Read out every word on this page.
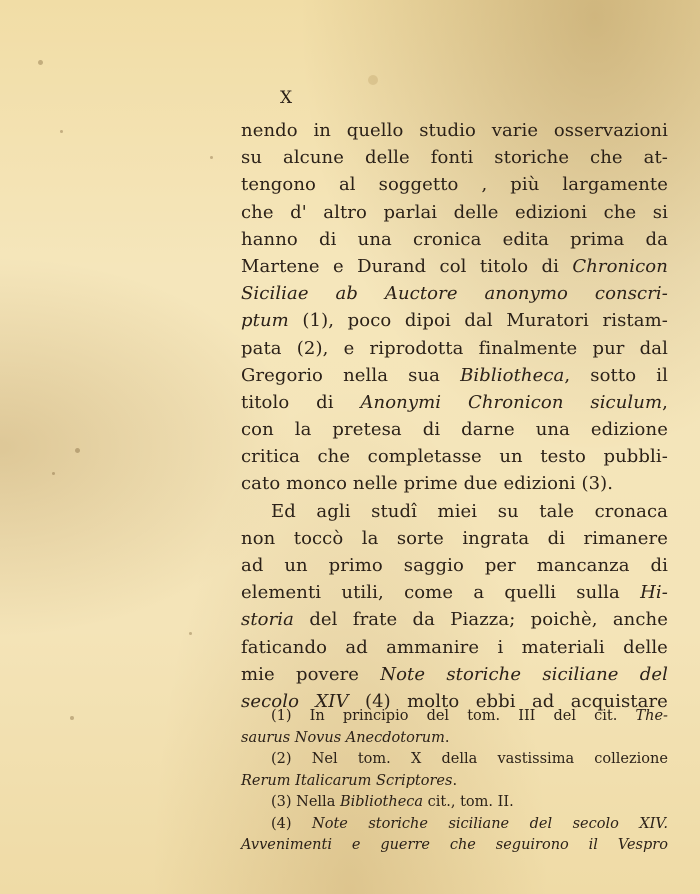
X
nendo in quello studio varie osservazioni
su alcune delle fonti storiche che at-
tengono al soggetto , più largamente
che d' altro parlai delle edizioni che si
hanno di una cronica edita prima da
Martene e Durand col titolo di Chronicon
Siciliae ab Auctore anonymo conscri-
ptum (1), poco dipoi dal Muratori ristam-
pata (2), e riprodotta finalmente pur dal
Gregorio nella sua Bibliotheca, sotto il
titolo di Anonymi Chronicon siculum,
con la pretesa di darne una edizione
critica che completasse un testo pubbli-
cato
monco
nelle
prime
due
edizioni
(3).
Ed agli studî miei su tale cronaca
non toccò la sorte ingrata di rimanere
ad un primo saggio per mancanza di
elementi utili, come a quelli sulla Hi-
storia del frate da Piazza; poichè, anche
faticando ad ammanire i materiali delle
mie povere Note storiche siciliane del
secolo XIV (4) molto ebbi ad acquistare
(1) In principio del tom. III del cit. The-
saurus
Novus
Anecdotorum.
(2) Nel tom. X della vastissima collezione
Rerum
Italicarum
Scriptores.
(3)
Nella
Bibliotheca
cit.,
tom.
II.
(4) Note storiche siciliane del secolo XIV.
Avvenimenti e guerre che seguirono il Vespro
